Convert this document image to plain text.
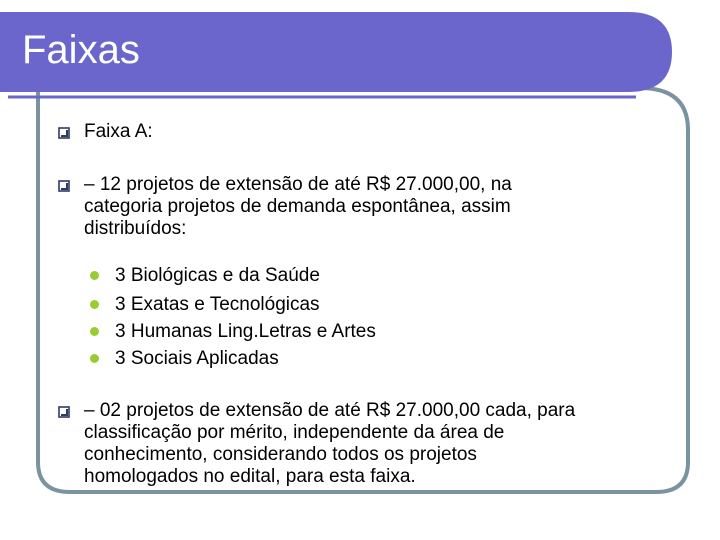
Faixas
Faixa A:
– 12 projetos de extensão de até R$ 27.000,00, na
categoria projetos de demanda espontânea, assim
distribuídos:
3 Biológicas e da Saúde
3 Exatas e Tecnológicas
3 Humanas Ling.Letras e Artes
3 Sociais Aplicadas
– 02 projetos de extensão de até R$ 27.000,00 cada, para
classificação por mérito, independente da área de
conhecimento, considerando todos os projetos
homologados no edital, para esta faixa.
